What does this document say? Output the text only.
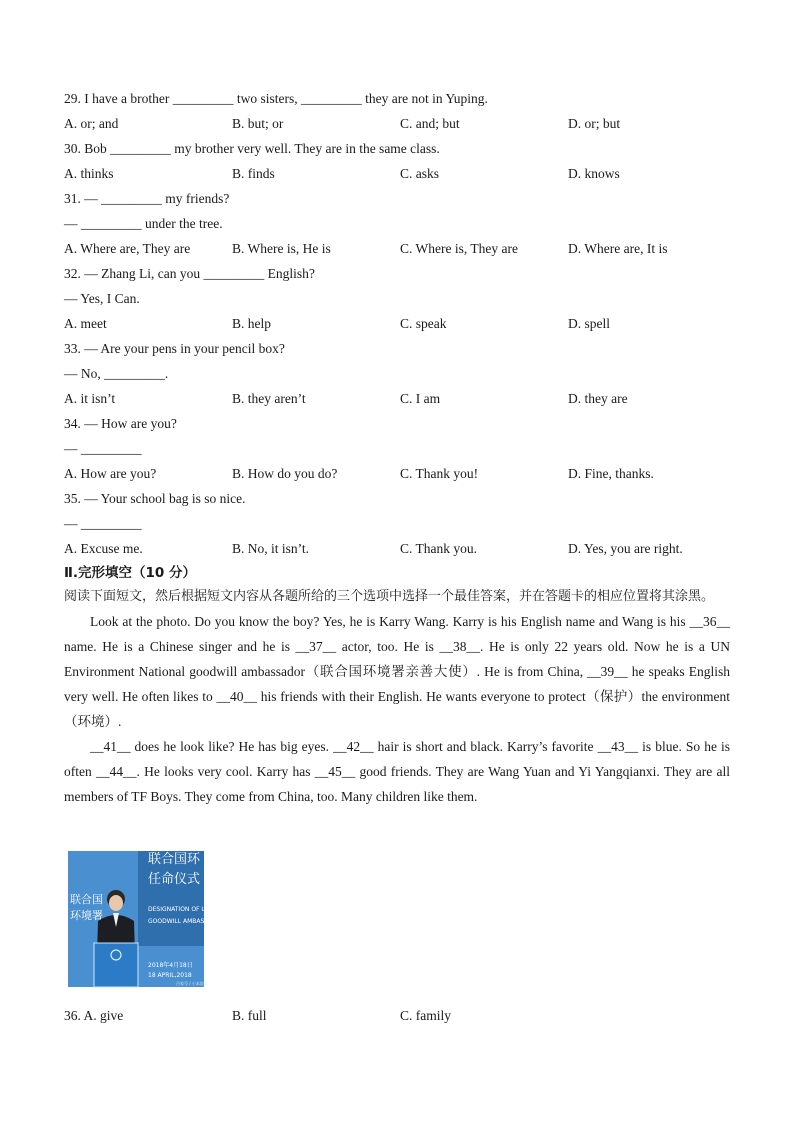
29. I have a brother _________ two sisters, _________ they are not in Yuping.
A. or; and	B. but; or	C. and; but	D. or; but
30. Bob _________ my brother very well. They are in the same class.
A. thinks	B. finds	C. asks	D. knows
31. — _________ my friends?
— _________ under the tree.
A. Where are, They are	B. Where is, He is	C. Where is, They are	D. Where are, It is
32. — Zhang Li, can you _________ English?
— Yes, I Can.
A. meet	B. help	C. speak	D. spell
33. — Are your pens in your pencil box?
— No, _________.
A. it isn’t	B. they aren’t	C. I am	D. they are
34. — How are you?
— _________
A. How are you?	B. How do you do?	C. Thank you!	D. Fine, thanks.
35. — Your school bag is so nice.
— _________
A. Excuse me.	B. No, it isn’t.	C. Thank you.	D. Yes, you are right.
Ⅱ.完形填空（10 分）
阅读下面短文，然后根据短文内容从各题所给的三个选项中选择一个最佳答案，并在答题卡的相应位置将其涂黑。
Look at the photo. Do you know the boy? Yes, he is Karry Wang. Karry is his English name and Wang is his __36__ name. He is a Chinese singer and he is __37__ actor, too. He is __38__. He is only 22 years old. Now he is a UN Environment National goodwill ambassador（联合国环境署亲善大使）. He is from China, __39__ he speaks English very well. He often likes to __40__ his friends with their English. He wants everyone to protect（保护）the environment（环境）.
__41__ does he look like? He has big eyes. __42__ hair is short and black. Karry’s favorite __43__ is blue. So he is often __44__. He looks very cool. Karry has __45__ good friends. They are Wang Yuan and Yi Yangqianxi. They are all members of TF Boys. They come from China, too. Many children like them.
联合国环
任命仪式
DESIGNATION OF U
GOODWILL AMBASS
2018年4月18日
18 APRIL,2018
百家号 / 小本说事
联合国
环境署
36. A. give	B. full	C. family
